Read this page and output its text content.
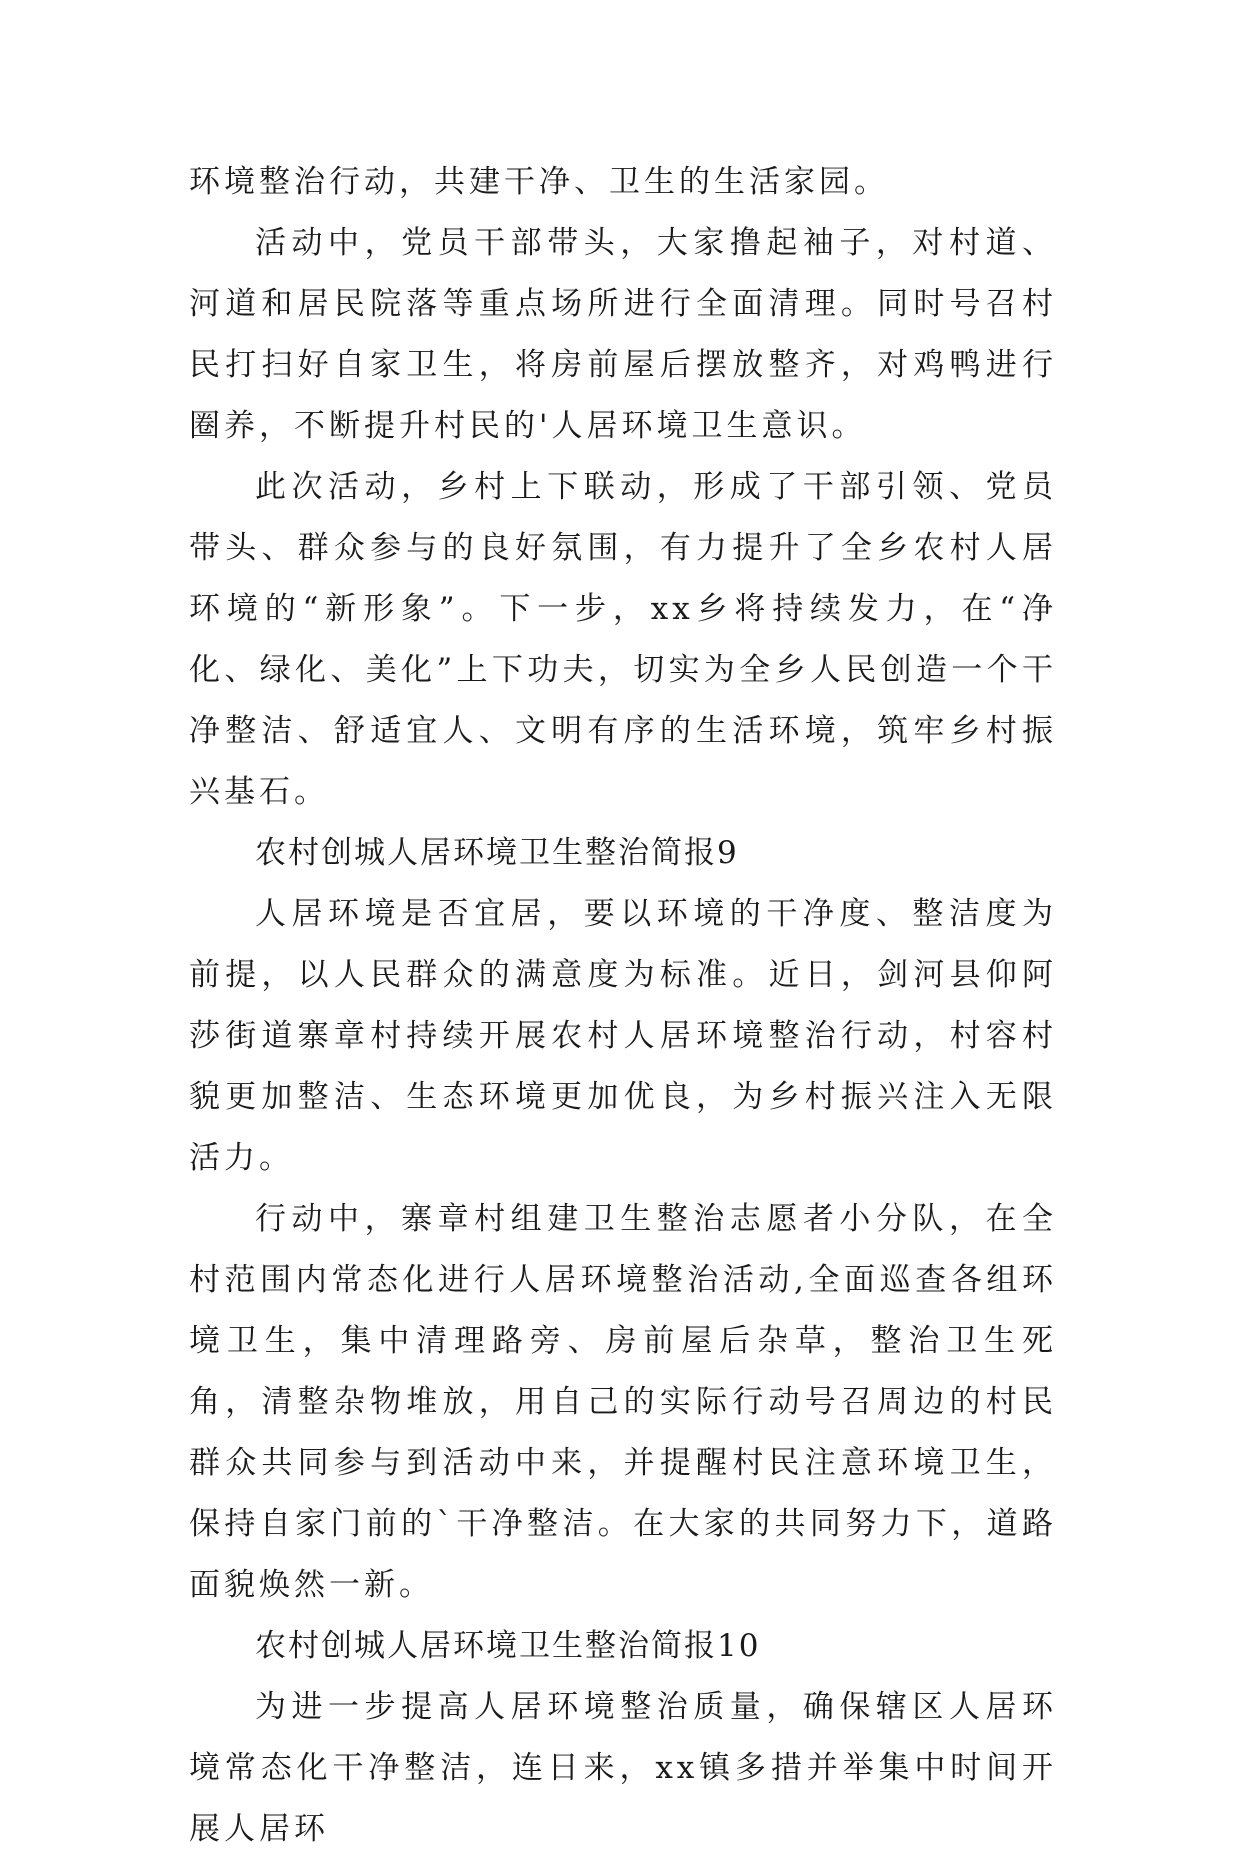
环境整治行动，共建干净、卫生的生活家园。

活动中，党员干部带头，大家撸起袖子，对村道、河道和居民院落等重点场所进行全面清理。同时号召村民打扫好自家卫生，将房前屋后摆放整齐，对鸡鸭进行圈养，不断提升村民的'人居环境卫生意识。

此次活动，乡村上下联动，形成了干部引领、党员带头、群众参与的良好氛围，有力提升了全乡农村人居环境的“新形象”。下一步，xx乡将持续发力，在“净化、绿化、美化”上下功夫，切实为全乡人民创造一个干净整洁、舒适宜人、文明有序的生活环境，筑牢乡村振兴基石。

农村创城人居环境卫生整治简报9

人居环境是否宜居，要以环境的干净度、整洁度为前提，以人民群众的满意度为标准。近日，剑河县仰阿莎街道寨章村持续开展农村人居环境整治行动，村容村貌更加整洁、生态环境更加优良，为乡村振兴注入无限活力。

行动中，寨章村组建卫生整治志愿者小分队，在全村范围内常态化进行人居环境整治活动,全面巡查各组环境卫生，集中清理路旁、房前屋后杂草，整治卫生死角，清整杂物堆放，用自己的实际行动号召周边的村民群众共同参与到活动中来，并提醒村民注意环境卫生，保持自家门前的`干净整洁。在大家的共同努力下，道路面貌焕然一新。

农村创城人居环境卫生整治简报10

为进一步提高人居环境整治质量，确保辖区人居环境常态化干净整洁，连日来，xx镇多措并举集中时间开展人居环
